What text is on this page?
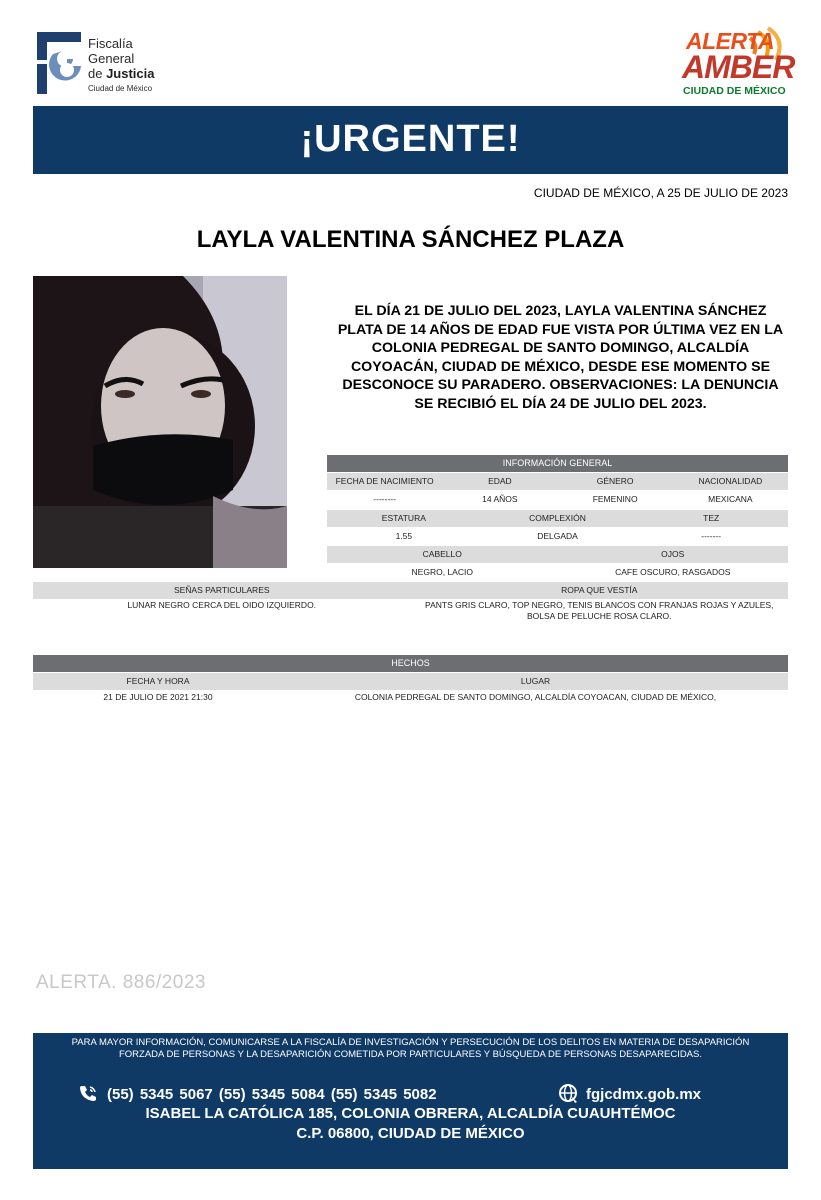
Fiscalía
General
de Justicia
Ciudad de México
ALERTA
AMBER
CIUDAD DE MÉXICO
¡URGENTE!
CIUDAD DE MÉXICO, A 25 DE JULIO DE 2023
LAYLA VALENTINA SÁNCHEZ PLAZA
EL DÍA 21 DE JULIO DEL 2023, LAYLA VALENTINA SÁNCHEZ PLATA DE 14 AÑOS DE EDAD FUE VISTA POR ÚLTIMA VEZ EN LA COLONIA PEDREGAL DE SANTO DOMINGO, ALCALDÍA COYOACÁN, CIUDAD DE MÉXICO, DESDE ESE MOMENTO SE DESCONOCE SU PARADERO. OBSERVACIONES: LA DENUNCIA SE RECIBIÓ EL DÍA 24 DE JULIO DEL 2023.
INFORMACIÓN GENERAL
FECHA DE NACIMIENTO	EDAD	GÉNERO	NACIONALIDAD
--------	14 AÑOS	FEMENINO	MEXICANA
ESTATURA	COMPLEXIÓN	TEZ
1.55	DELGADA	-------
CABELLO	OJOS
NEGRO, LACIO	CAFE OSCURO, RASGADOS
SEÑAS PARTICULARES	ROPA QUE VESTÍA
LUNAR NEGRO CERCA DEL OIDO IZQUIERDO.	PANTS GRIS CLARO, TOP NEGRO, TENIS BLANCOS CON FRANJAS ROJAS Y AZULES, BOLSA DE PELUCHE ROSA CLARO.
HECHOS
FECHA Y HORA	LUGAR
21 DE JULIO DE 2021 21:30	COLONIA PEDREGAL DE SANTO DOMINGO, ALCALDÍA COYOACAN, CIUDAD DE MÉXICO,
ALERTA. 886/2023
PARA MAYOR INFORMACIÓN, COMUNICARSE A LA FISCALÍA DE INVESTIGACIÓN Y PERSECUCIÓN DE LOS DELITOS EN MATERIA DE DESAPARICIÓN FORZADA DE PERSONAS Y LA DESAPARICIÓN COMETIDA POR PARTICULARES Y BÚSQUEDA DE PERSONAS DESAPARECIDAS.
(55) 5345 5067 (55) 5345 5084 (55) 5345 5082	fgjcdmx.gob.mx
ISABEL LA CATÓLICA 185, COLONIA OBRERA, ALCALDÍA CUAUHTÉMOC
C.P. 06800, CIUDAD DE MÉXICO
